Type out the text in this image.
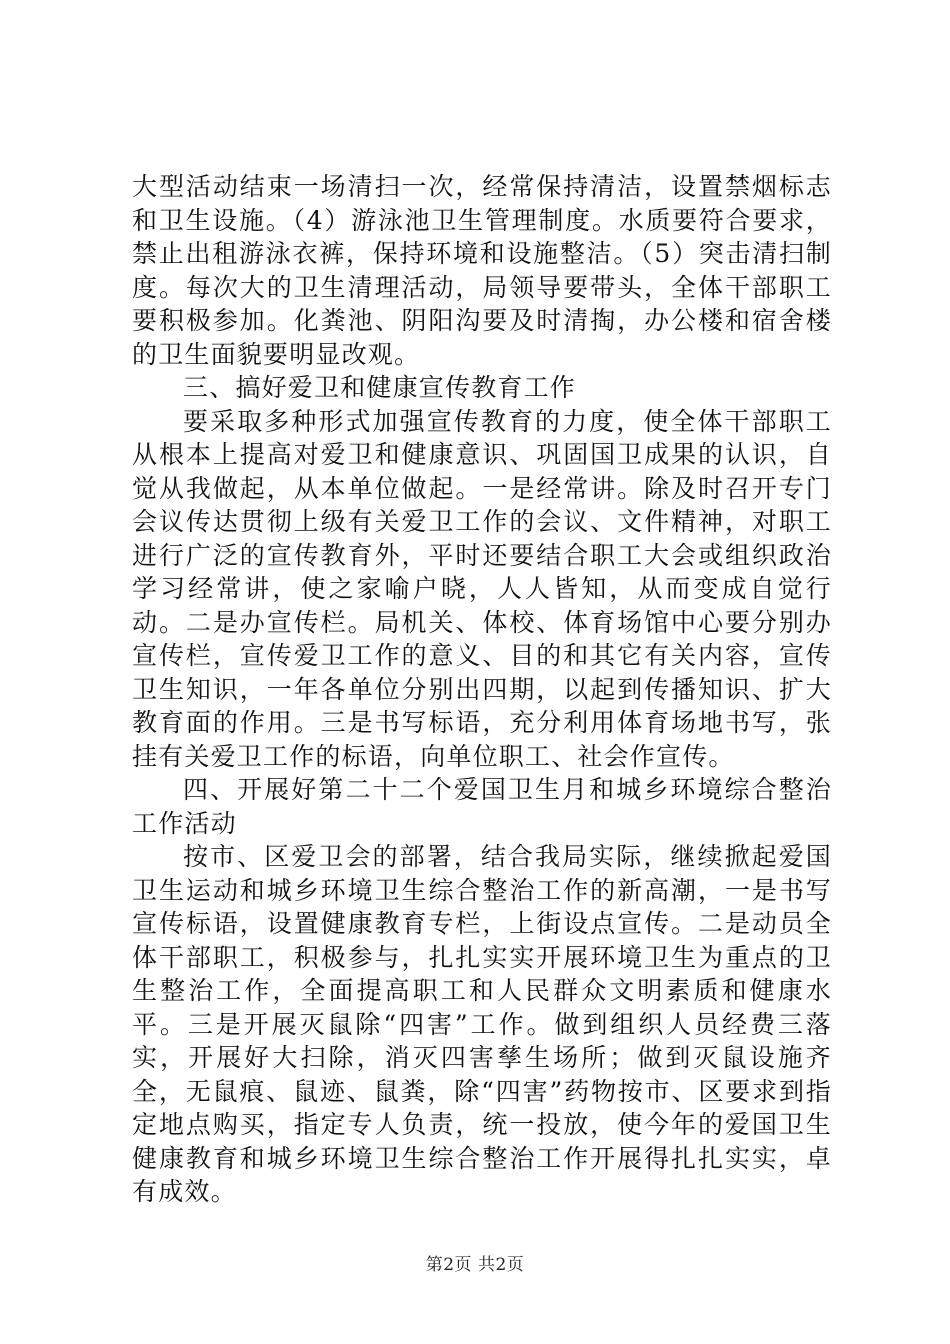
大型活动结束一场清扫一次，经常保持清洁，设置禁烟标志和卫生设施。（4）游泳池卫生管理制度。水质要符合要求，禁止出租游泳衣裤，保持环境和设施整洁。（5）突击清扫制度。每次大的卫生清理活动，局领导要带头，全体干部职工要积极参加。化粪池、阴阳沟要及时清掏，办公楼和宿舍楼的卫生面貌要明显改观。

三、搞好爱卫和健康宣传教育工作

要采取多种形式加强宣传教育的力度，使全体干部职工从根本上提高对爱卫和健康意识、巩固国卫成果的认识，自觉从我做起，从本单位做起。一是经常讲。除及时召开专门会议传达贯彻上级有关爱卫工作的会议、文件精神，对职工进行广泛的宣传教育外，平时还要结合职工大会或组织政治学习经常讲，使之家喻户晓，人人皆知，从而变成自觉行动。二是办宣传栏。局机关、体校、体育场馆中心要分别办宣传栏，宣传爱卫工作的意义、目的和其它有关内容，宣传卫生知识，一年各单位分别出四期，以起到传播知识、扩大教育面的作用。三是书写标语，充分利用体育场地书写，张挂有关爱卫工作的标语，向单位职工、社会作宣传。

四、开展好第二十二个爱国卫生月和城乡环境综合整治工作活动

按市、区爱卫会的部署，结合我局实际，继续掀起爱国卫生运动和城乡环境卫生综合整治工作的新高潮，一是书写宣传标语，设置健康教育专栏，上街设点宣传。二是动员全体干部职工，积极参与，扎扎实实开展环境卫生为重点的卫生整治工作，全面提高职工和人民群众文明素质和健康水平。三是开展灭鼠除“四害”工作。做到组织人员经费三落实，开展好大扫除，消灭四害孳生场所；做到灭鼠设施齐全，无鼠痕、鼠迹、鼠粪，除“四害”药物按市、区要求到指定地点购买，指定专人负责，统一投放，使今年的爱国卫生健康教育和城乡环境卫生综合整治工作开展得扎扎实实，卓有成效。

第2页 共2页
